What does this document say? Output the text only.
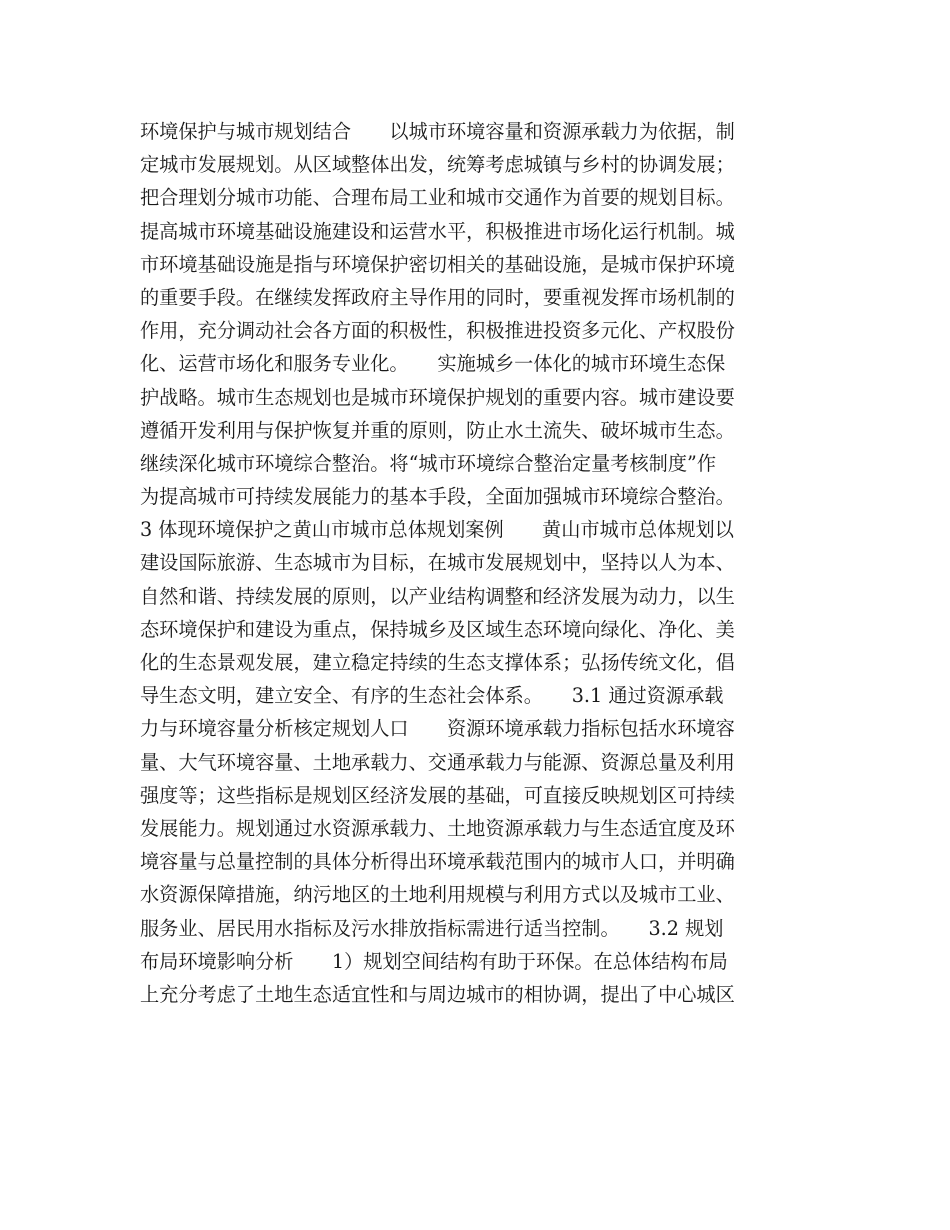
环境保护与城市规划结合　　以城市环境容量和资源承载力为依据，制
定城市发展规划。从区域整体出发，统筹考虑城镇与乡村的协调发展；
把合理划分城市功能、合理布局工业和城市交通作为首要的规划目标。
提高城市环境基础设施建设和运营水平，积极推进市场化运行机制。城
市环境基础设施是指与环境保护密切相关的基础设施，是城市保护环境
的重要手段。在继续发挥政府主导作用的同时，要重视发挥市场机制的
作用，充分调动社会各方面的积极性，积极推进投资多元化、产权股份
化、运营市场化和服务专业化。　　实施城乡一体化的城市环境生态保
护战略。城市生态规划也是城市环境保护规划的重要内容。城市建设要
遵循开发利用与保护恢复并重的原则，防止水土流失、破坏城市生态。
继续深化城市环境综合整治。将“城市环境综合整治定量考核制度”作
为提高城市可持续发展能力的基本手段，全面加强城市环境综合整治。
3 体现环境保护之黄山市城市总体规划案例　　黄山市城市总体规划以
建设国际旅游、生态城市为目标，在城市发展规划中，坚持以人为本、
自然和谐、持续发展的原则，以产业结构调整和经济发展为动力，以生
态环境保护和建设为重点，保持城乡及区域生态环境向绿化、净化、美
化的生态景观发展，建立稳定持续的生态支撑体系；弘扬传统文化，倡
导生态文明，建立安全、有序的生态社会体系。　　3.1 通过资源承载
力与环境容量分析核定规划人口　　资源环境承载力指标包括水环境容
量、大气环境容量、土地承载力、交通承载力与能源、资源总量及利用
强度等；这些指标是规划区经济发展的基础，可直接反映规划区可持续
发展能力。规划通过水资源承载力、土地资源承载力与生态适宜度及环
境容量与总量控制的具体分析得出环境承载范围内的城市人口，并明确
水资源保障措施，纳污地区的土地利用规模与利用方式以及城市工业、
服务业、居民用水指标及污水排放指标需进行适当控制。　　3.2 规划
布局环境影响分析　　1）规划空间结构有助于环保。在总体结构布局
上充分考虑了土地生态适宜性和与周边城市的相协调，提出了中心城区
